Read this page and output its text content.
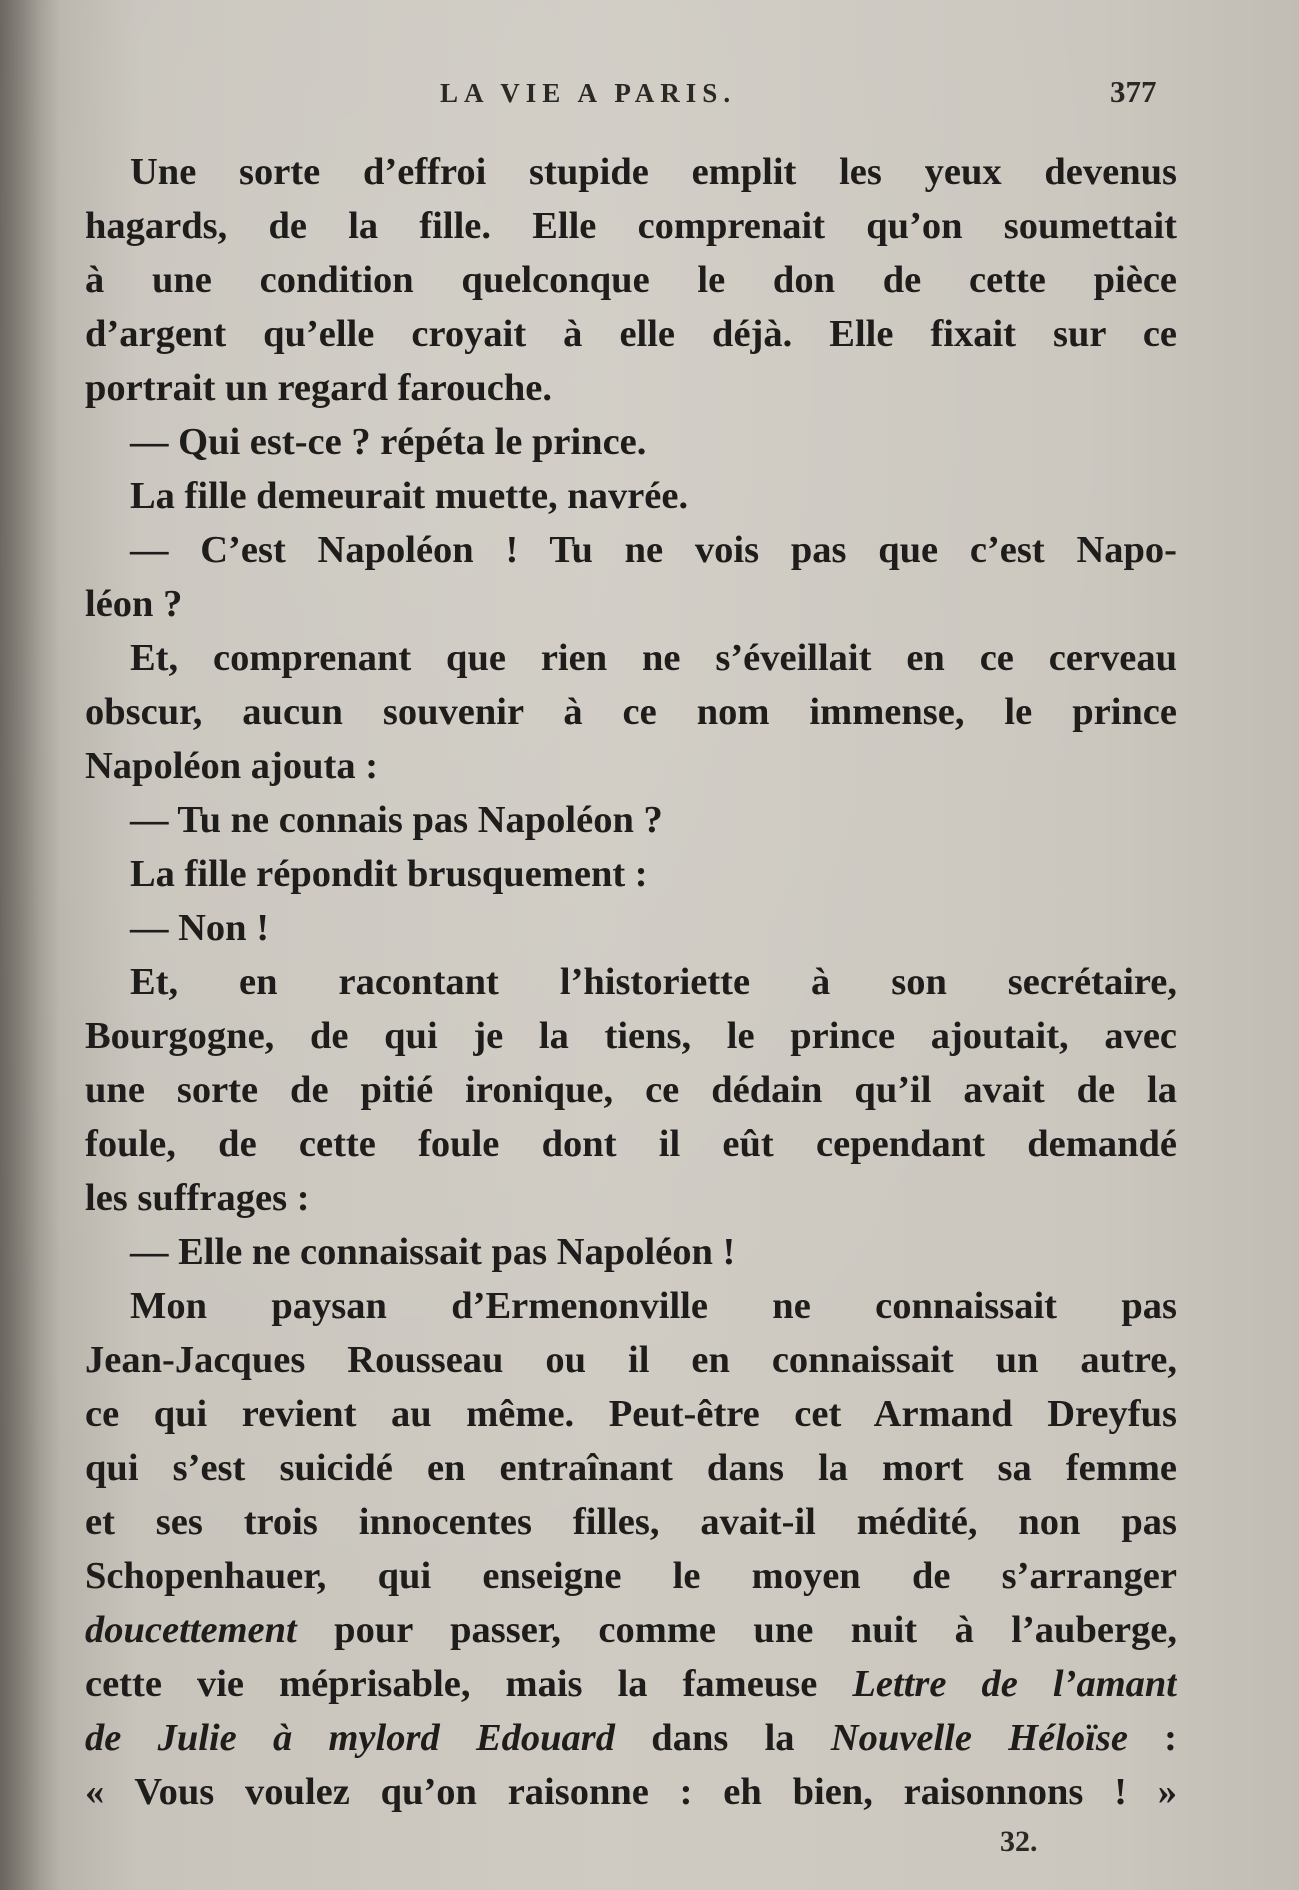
LA VIE A PARIS.	377
Une sorte d’effroi stupide emplit les yeux devenus
hagards, de la fille. Elle comprenait qu’on soumettait
à une condition quelconque le don de cette pièce
d’argent qu’elle croyait à elle déjà. Elle fixait sur ce
portrait un regard farouche.
— Qui est-ce ? répéta le prince.
La fille demeurait muette, navrée.
— C’est Napoléon ! Tu ne vois pas que c’est Napo-
léon ?
Et, comprenant que rien ne s’éveillait en ce cerveau
obscur, aucun souvenir à ce nom immense, le prince
Napoléon ajouta :
— Tu ne connais pas Napoléon ?
La fille répondit brusquement :
— Non !
Et, en racontant l’historiette à son secrétaire,
Bourgogne, de qui je la tiens, le prince ajoutait, avec
une sorte de pitié ironique, ce dédain qu’il avait de la
foule, de cette foule dont il eût cependant demandé
les suffrages :
— Elle ne connaissait pas Napoléon !
Mon paysan d’Ermenonville ne connaissait pas
Jean-Jacques Rousseau ou il en connaissait un autre,
ce qui revient au même. Peut-être cet Armand Dreyfus
qui s’est suicidé en entraînant dans la mort sa femme
et ses trois innocentes filles, avait-il médité, non pas
Schopenhauer, qui enseigne le moyen de s’arranger
doucettement pour passer, comme une nuit à l’auberge,
cette vie méprisable, mais la fameuse Lettre de l’amant
de Julie à mylord Edouard dans la Nouvelle Héloïse :
« Vous voulez qu’on raisonne : eh bien, raisonnons ! »
32.
